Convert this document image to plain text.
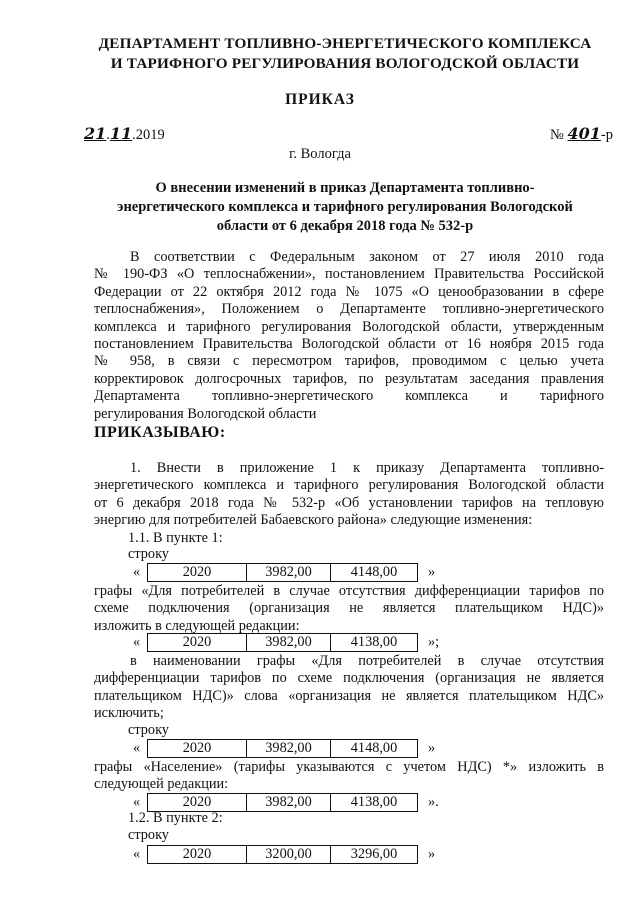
ДЕПАРТАМЕНТ ТОПЛИВНО-ЭНЕРГЕТИЧЕСКОГО КОМПЛЕКСА
И ТАРИФНОГО РЕГУЛИРОВАНИЯ ВОЛОГОДСКОЙ ОБЛАСТИ
ПРИКАЗ
21.11.2019	№ 401-р
г. Вологда
О внесении изменений в приказ Департамента топливно-
энергетического комплекса и тарифного регулирования Вологодской
области от 6 декабря 2018 года № 532-р
В соответствии с Федеральным законом от 27 июля 2010 года
№ 190-ФЗ «О теплоснабжении», постановлением Правительства Российской
Федерации от 22 октября 2012 года № 1075 «О ценообразовании в сфере
теплоснабжения», Положением о Департаменте топливно-энергетического
комплекса и тарифного регулирования Вологодской области, утвержденным
постановлением Правительства Вологодской области от 16 ноября 2015 года
№ 958, в связи с пересмотром тарифов, проводимом с целью учета
корректировок долгосрочных тарифов, по результатам заседания правления
Департамента топливно-энергетического комплекса и тарифного
регулирования Вологодской области
ПРИКАЗЫВАЮ:
1. Внести в приложение 1 к приказу Департамента топливно-
энергетического комплекса и тарифного регулирования Вологодской области
от 6 декабря 2018 года № 532-р «Об установлении тарифов на тепловую
энергию для потребителей Бабаевского района» следующие изменения:
1.1. В пункте 1:
строку
«	2020	3982,00	4148,00	»
графы «Для потребителей в случае отсутствия дифференциации тарифов по
схеме подключения (организация не является плательщиком НДС)»
изложить в следующей редакции:
«	2020	3982,00	4138,00	»;
в наименовании графы «Для потребителей в случае отсутствия
дифференциации тарифов по схеме подключения (организация не является
плательщиком НДС)» слова «организация не является плательщиком НДС»
исключить;
строку
«	2020	3982,00	4148,00	»
графы «Население» (тарифы указываются с учетом НДС) *» изложить в
следующей редакции:
«	2020	3982,00	4138,00	».
1.2. В пункте 2:
строку
«	2020	3200,00	3296,00	»
